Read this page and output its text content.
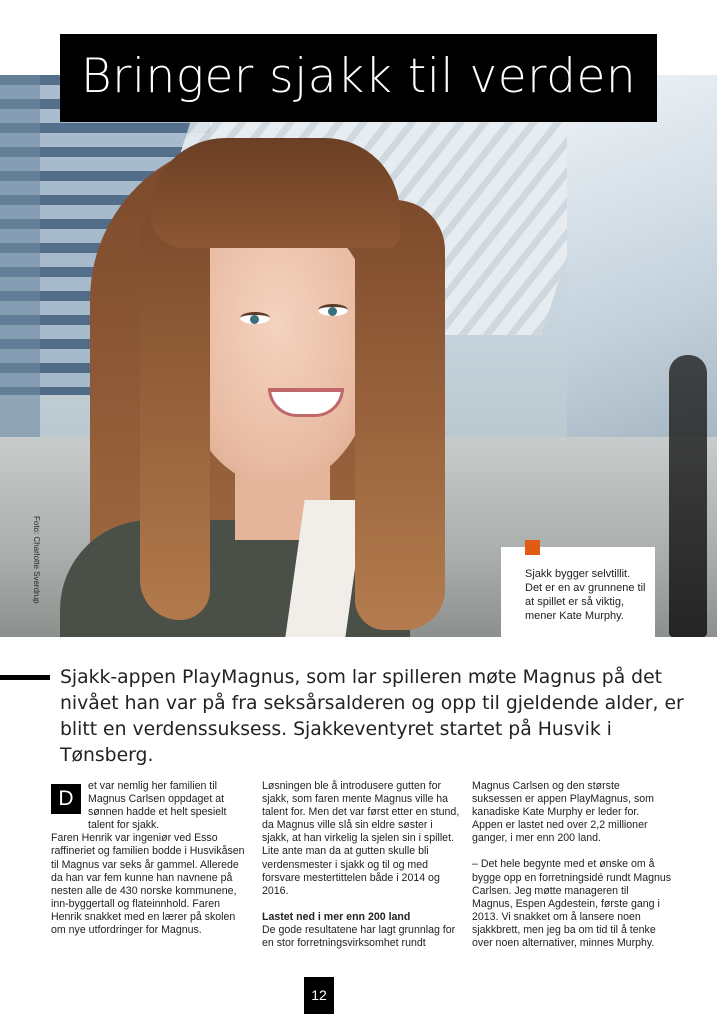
Foto: Charlotte Sverdrup
Bringer sjakk til verden
Sjakk bygger selvtillit. Det er en av grunnene til at spillet er så viktig, mener Kate Murphy.

Sjakk-appen PlayMagnus, som lar spilleren møte Magnus på det nivået han var på fra seksårsalderen og opp til gjeldende alder, er blitt en verdenssuksess. Sjakkeventyret startet på Husvik i Tønsberg.

D

et var nemlig her familien til Magnus Carlsen oppdaget at sønnen hadde et helt spesielt talent for sjakk.

Faren Henrik var ingeniør ved Esso raffineriet og familien bodde i Husvikåsen til Magnus var seks år gammel. Allerede da han var fem kunne han navnene på nesten alle de 430 norske kommunene, inn-byggertall og flateinnhold. Faren Henrik snakket med en lærer på skolen om nye utfordringer for Magnus.

Løsningen ble å introdusere gutten for sjakk, som faren mente Magnus ville ha talent for. Men det var først etter en stund, da Magnus ville slå sin eldre søster i sjakk, at han virkelig la sjelen sin i spillet. Lite ante man da at gutten skulle bli verdensmester i sjakk og til og med forsvare mestertittelen både i 2014 og 2016.

Lastet ned i mer enn 200 land

De gode resultatene har lagt grunnlag for en stor forretningsvirksomhet rundt

Magnus Carlsen og den største suksessen er appen PlayMagnus, som kanadiske Kate Murphy er leder for. Appen er lastet ned over 2,2 millioner ganger, i mer enn 200 land.

– Det hele begynte med et ønske om å bygge opp en forretningsidé rundt Magnus Carlsen. Jeg møtte manageren til Magnus, Espen Agdestein, første gang i 2013. Vi snakket om å lansere noen sjakkbrett, men jeg ba om tid til å tenke over noen alternativer, minnes Murphy.

12
